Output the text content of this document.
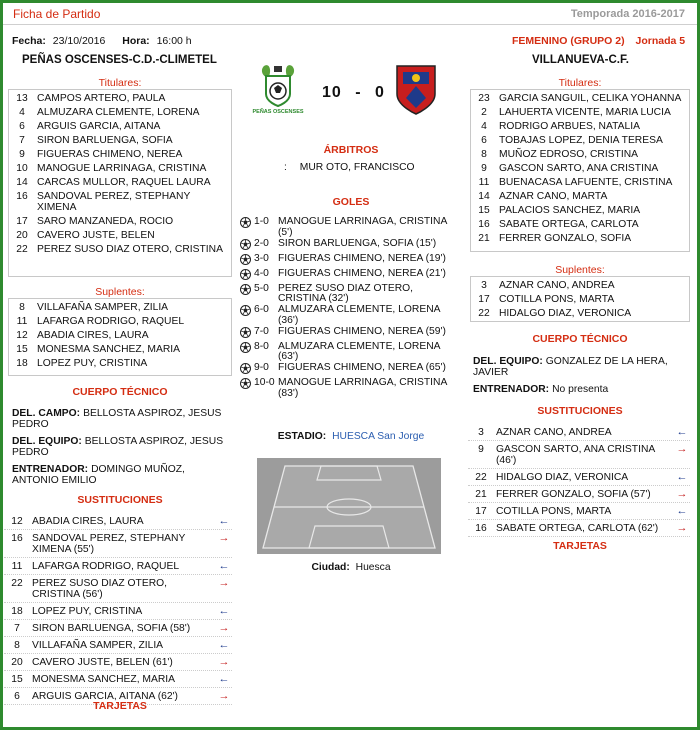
Ficha de Partido	Temporada 2016-2017
Fecha: 23/10/2016 Hora: 16:00 h	FEMENINO (GRUPO 2) Jornada 5
PEÑAS OSCENSES-C.D.-CLIMETEL	VILLANUEVA-C.F.
PEÑAS OSCENSES
10 - 0
Titulares:
13 CAMPOS ARTERO, PAULA
4	ALMUZARA CLEMENTE, LORENA
6	ARGUIS GARCIA, AITANA
7	SIRON BARLUENGA, SOFIA
9	FIGUERAS CHIMENO, NEREA
10 MANOGUE LARRINAGA, CRISTINA
14 CARCAS MULLOR, RAQUEL LAURA
16 SANDOVAL PEREZ, STEPHANY XIMENA
17 SARO MANZANEDA, ROCIO
20 CAVERO JUSTE, BELEN
22 PEREZ SUSO DIAZ OTERO, CRISTINA
Suplentes:
8	VILLAFAÑA SAMPER, ZILIA
11 LAFARGA RODRIGO, RAQUEL
12 ABADIA CIRES, LAURA
15 MONESMA SANCHEZ, MARIA
18 LOPEZ PUY, CRISTINA
CUERPO TÉCNICO

DEL. CAMPO: BELLOSTA ASPIROZ, JESUS PEDRO

DEL. EQUIPO: BELLOSTA ASPIROZ, JESUS PEDRO

ENTRENADOR: DOMINGO MUÑOZ, ANTONIO EMILIO

SUSTITUCIONES
12 ABADIA CIRES, LAURA	←
16 SANDOVAL PEREZ, STEPHANY XIMENA (55')
→
11 LAFARGA RODRIGO, RAQUEL	←
22 PEREZ SUSO DIAZ OTERO, CRISTINA (56')
→
18 LOPEZ PUY, CRISTINA	←
7	SIRON BARLUENGA, SOFIA (58')	→
8	VILLAFAÑA SAMPER, ZILIA	←
20 CAVERO JUSTE, BELEN (61')	→
15 MONESMA SANCHEZ, MARIA	←
6	ARGUIS GARCIA, AITANA (62')	→
TARJETAS
ÁRBITROS
: MUR OTO, FRANCISCO
GOLES
1-0 MANOGUE LARRINAGA, CRISTINA (5')
2-0 SIRON BARLUENGA, SOFIA (15')
3-0 FIGUERAS CHIMENO, NEREA (19')
4-0 FIGUERAS CHIMENO, NEREA (21')
5-0 PEREZ SUSO DIAZ OTERO, CRISTINA (32')
6-0 ALMUZARA CLEMENTE, LORENA (36')
7-0 FIGUERAS CHIMENO, NEREA (59')
8-0 ALMUZARA CLEMENTE, LORENA (63')
9-0 FIGUERAS CHIMENO, NEREA (65')
10-0 MANOGUE LARRINAGA, CRISTINA (83')
ESTADIO: HUESCA San Jorge
Ciudad: Huesca
Titulares:
23 GARCIA SANGUIL, CELIKA YOHANNA
2	LAHUERTA VICENTE, MARIA LUCIA
4	RODRIGO ARBUES, NATALIA
6	TOBAJAS LOPEZ, DENIA TERESA
8	MUÑOZ EDROSO, CRISTINA
9	GASCON SARTO, ANA CRISTINA
11 BUENACASA LAFUENTE, CRISTINA
14 AZNAR CANO, MARTA
15 PALACIOS SANCHEZ, MARIA
16 SABATE ORTEGA, CARLOTA
21 FERRER GONZALO, SOFIA
Suplentes:
3	AZNAR CANO, ANDREA
17 COTILLA PONS, MARTA
22 HIDALGO DIAZ, VERONICA
CUERPO TÉCNICO

DEL. EQUIPO: GONZALEZ DE LA HERA, JAVIER

ENTRENADOR: No presenta

SUSTITUCIONES
3	AZNAR CANO, ANDREA	←
9	GASCON SARTO, ANA CRISTINA (46')
→
22 HIDALGO DIAZ, VERONICA	←
21 FERRER GONZALO, SOFIA (57')	→
17 COTILLA PONS, MARTA	←
16 SABATE ORTEGA, CARLOTA (62')	→
TARJETAS
